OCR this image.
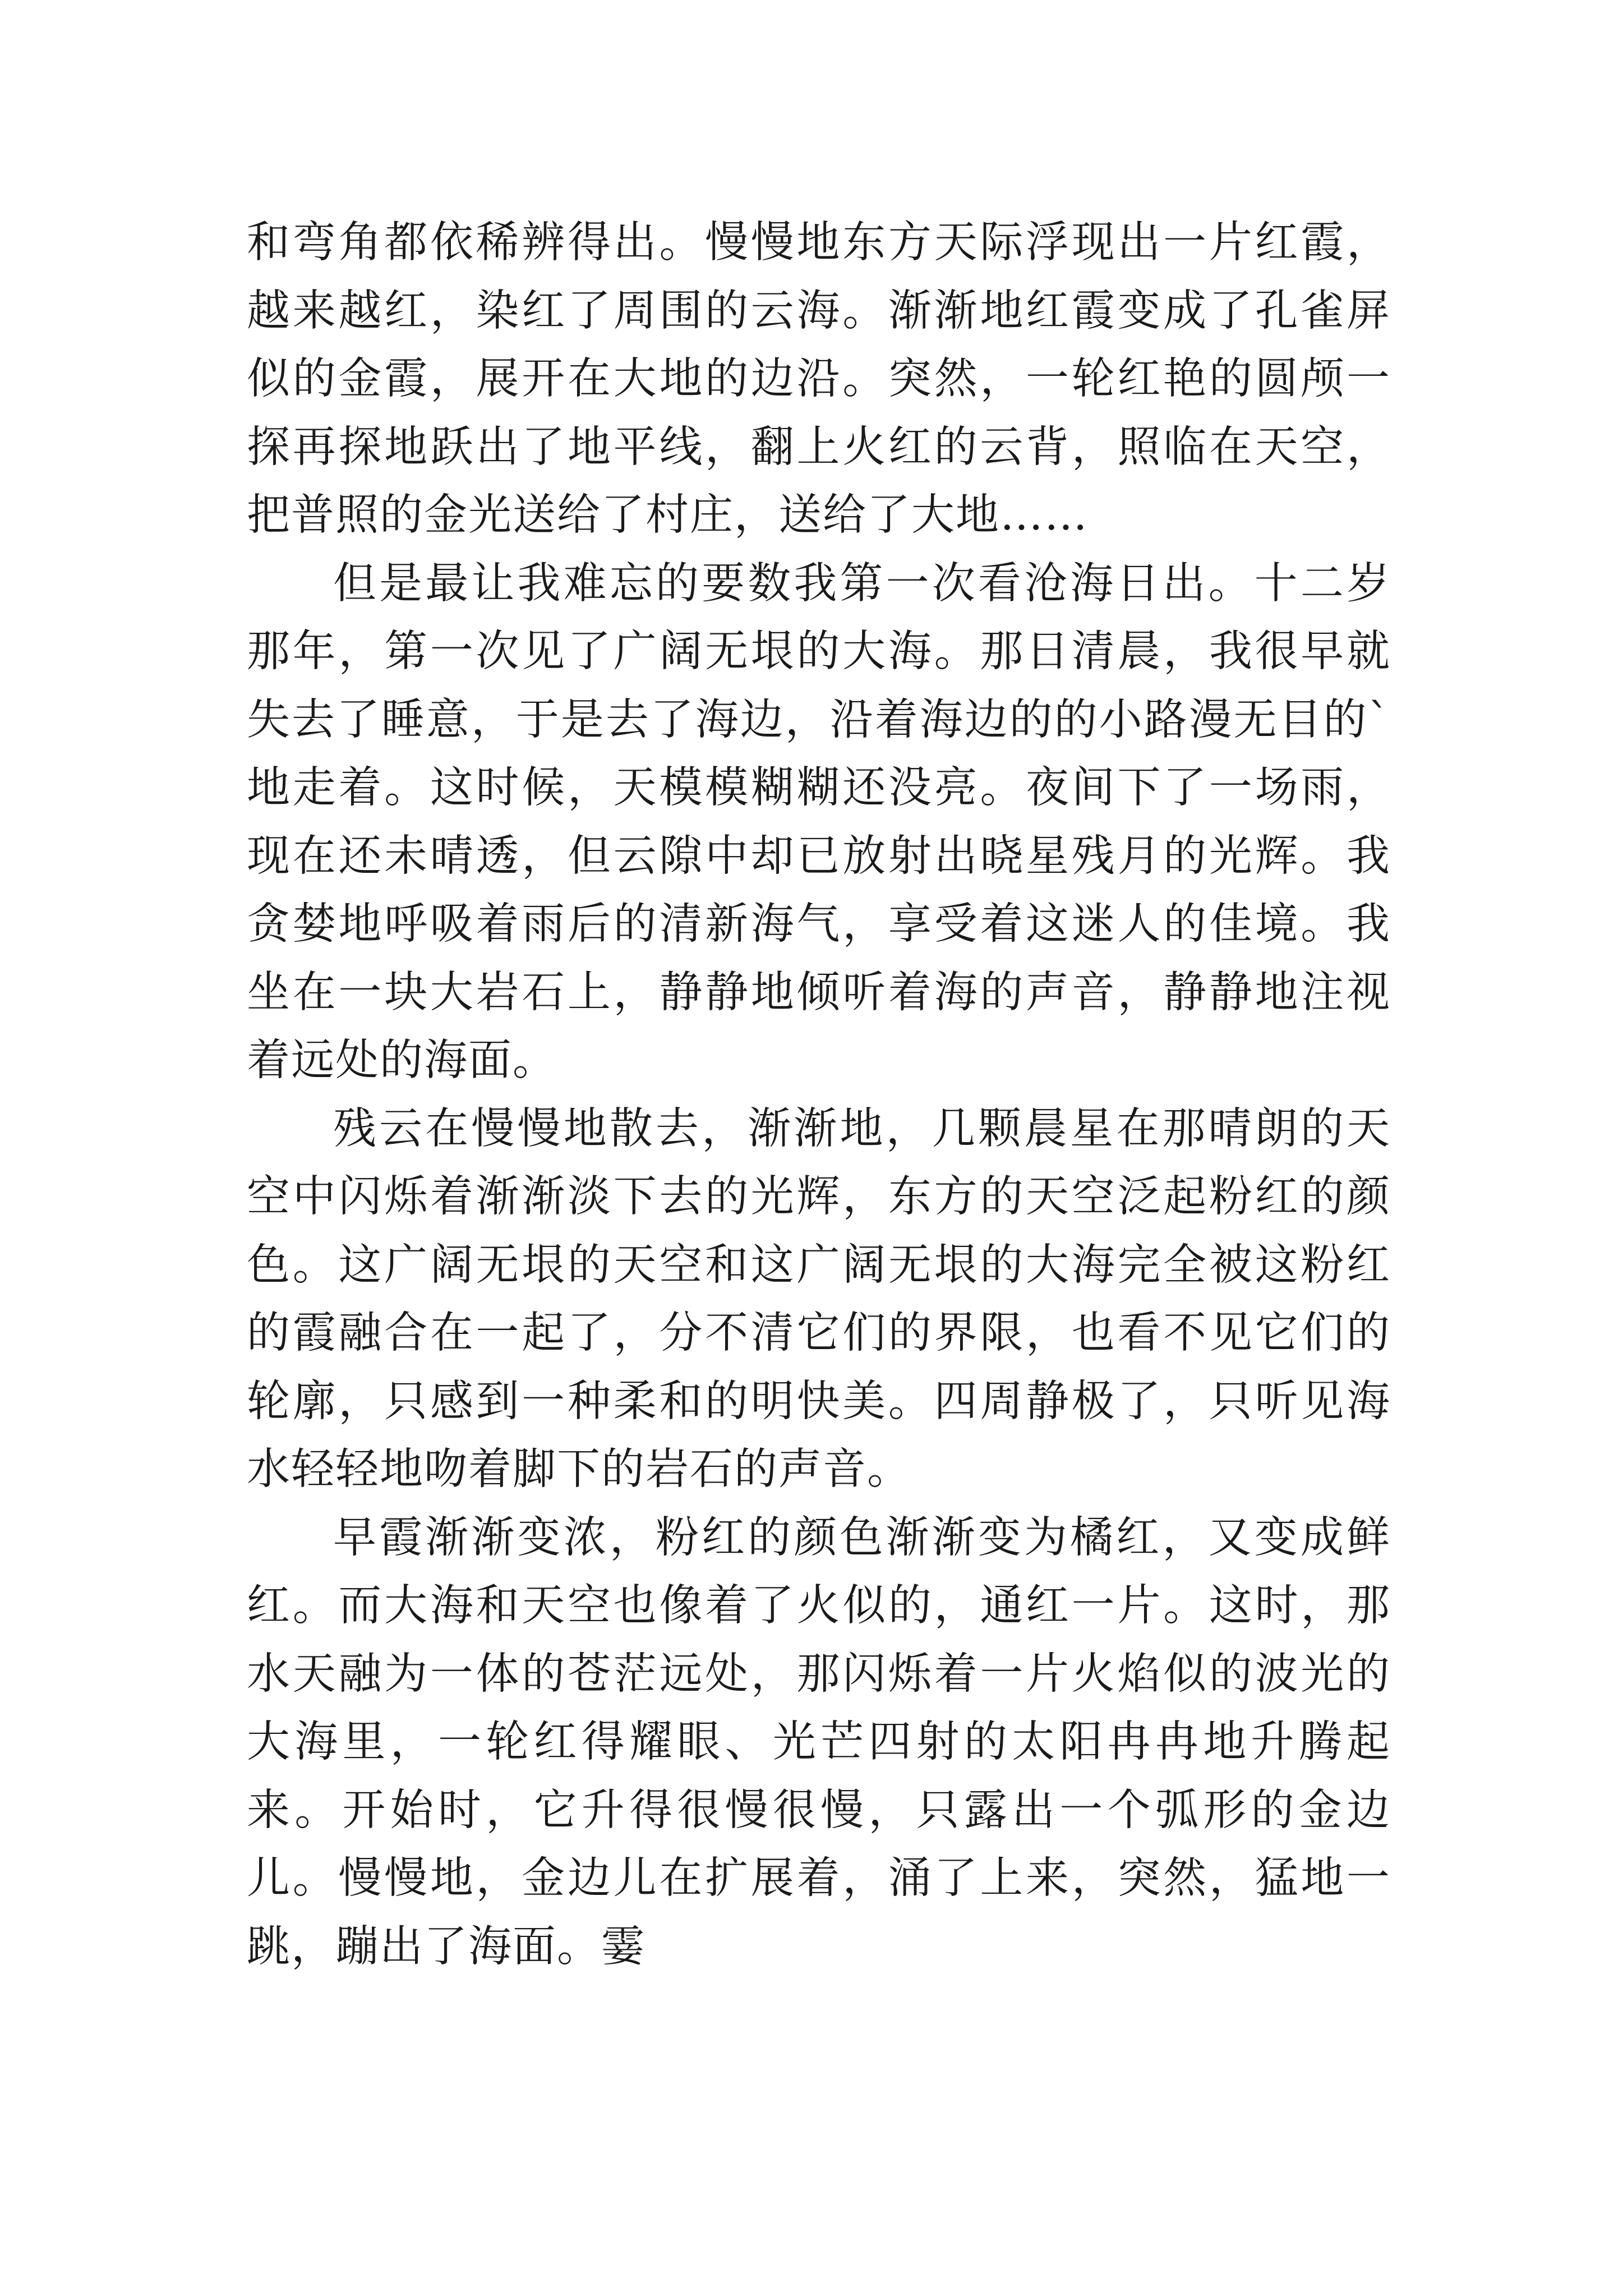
和弯角都依稀辨得出。慢慢地东方天际浮现出一片红霞，越来越红，染红了周围的云海。渐渐地红霞变成了孔雀屏似的金霞，展开在大地的边沿。突然，一轮红艳的圆颅一探再探地跃出了地平线，翻上火红的云背，照临在天空，把普照的金光送给了村庄，送给了大地……

但是最让我难忘的要数我第一次看沧海日出。十二岁那年，第一次见了广阔无垠的大海。那日清晨，我很早就失去了睡意，于是去了海边，沿着海边的的小路漫无目的`地走着。这时候，天模模糊糊还没亮。夜间下了一场雨，现在还未晴透，但云隙中却已放射出晓星残月的光辉。我贪婪地呼吸着雨后的清新海气，享受着这迷人的佳境。我坐在一块大岩石上，静静地倾听着海的声音，静静地注视着远处的海面。

残云在慢慢地散去，渐渐地，几颗晨星在那晴朗的天空中闪烁着渐渐淡下去的光辉，东方的天空泛起粉红的颜色。这广阔无垠的天空和这广阔无垠的大海完全被这粉红的霞融合在一起了，分不清它们的界限，也看不见它们的轮廓，只感到一种柔和的明快美。四周静极了，只听见海水轻轻地吻着脚下的岩石的声音。

早霞渐渐变浓，粉红的颜色渐渐变为橘红，又变成鲜红。而大海和天空也像着了火似的，通红一片。这时，那水天融为一体的苍茫远处，那闪烁着一片火焰似的波光的大海里，一轮红得耀眼、光芒四射的太阳冉冉地升腾起来。开始时，它升得很慢很慢，只露出一个弧形的金边儿。慢慢地，金边儿在扩展着，涌了上来，突然，猛地一跳，蹦出了海面。霎
